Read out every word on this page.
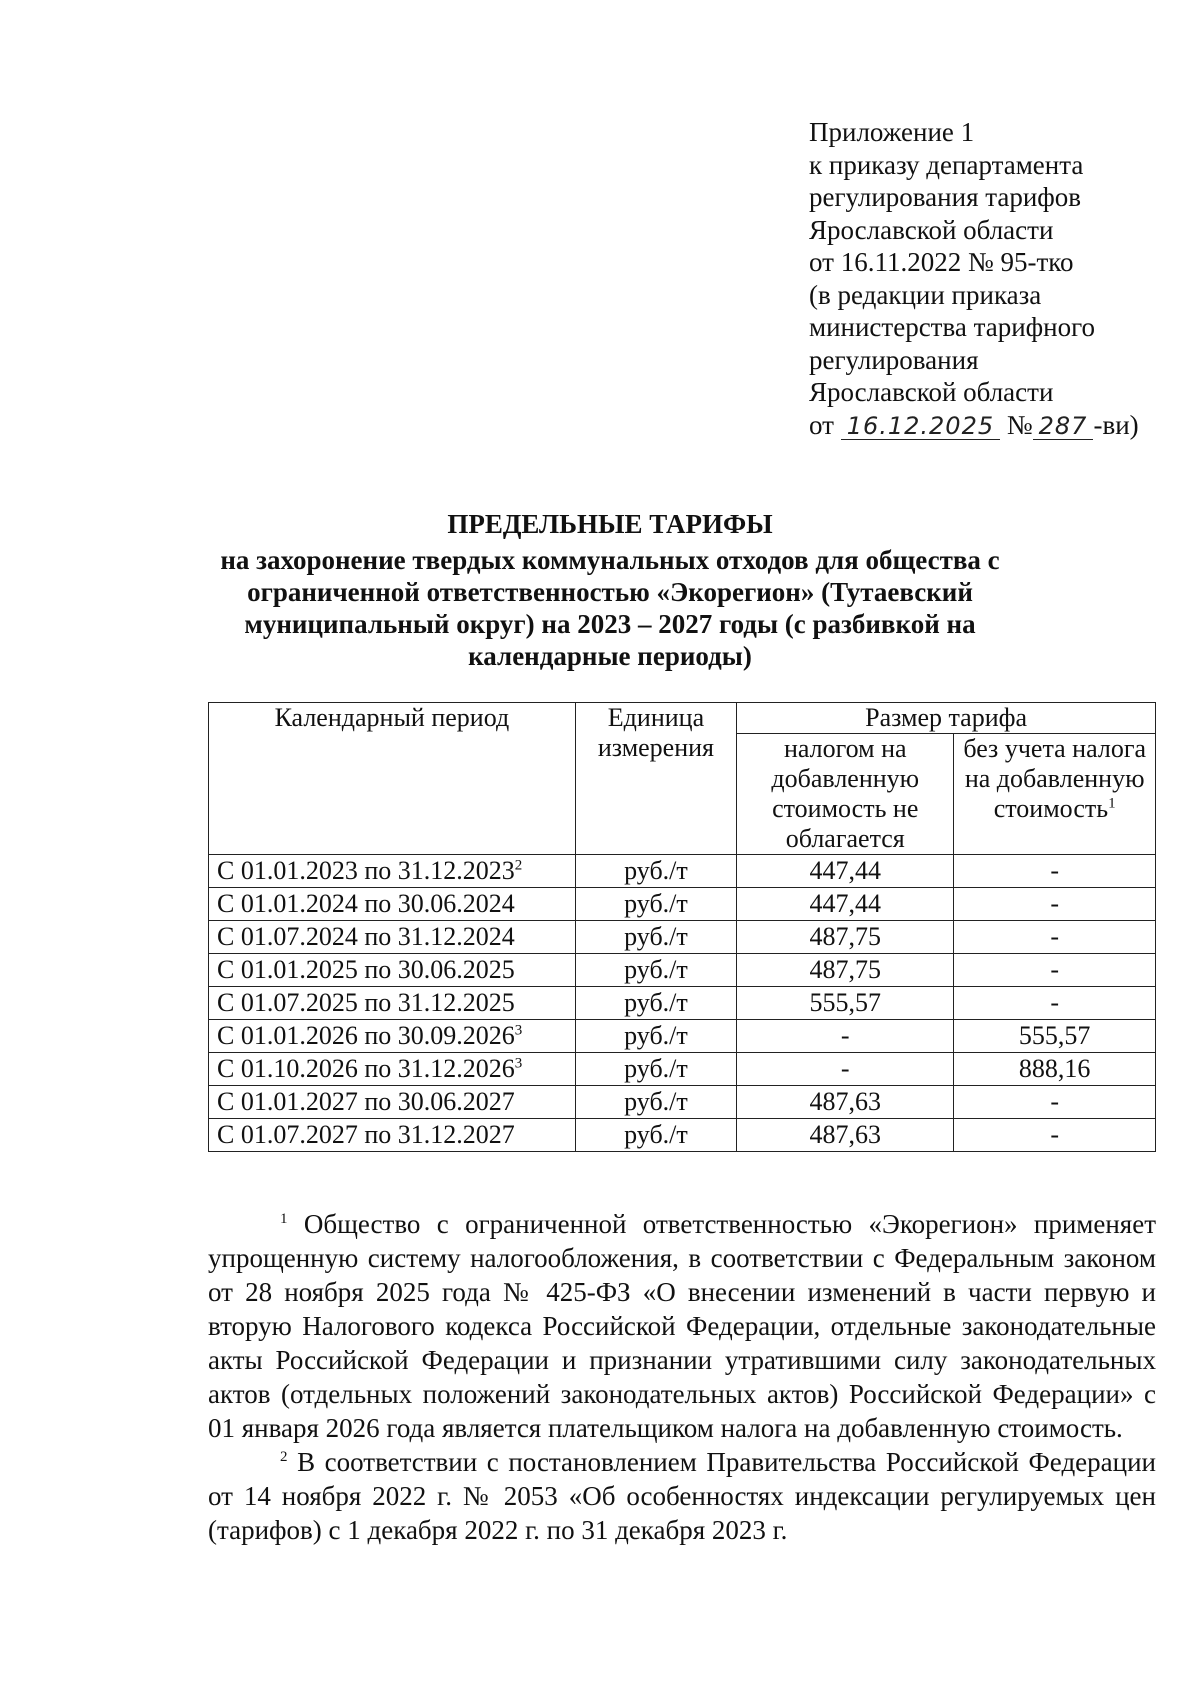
Приложение 1
к приказу департамента
регулирования тарифов
Ярославской области
от 16.11.2022 № 95-тко
(в редакции приказа
министерства тарифного
регулирования
Ярославской области
от 16.12.2025 № 287 -ви)
ПРЕДЕЛЬНЫЕ ТАРИФЫ
на захоронение твердых коммунальных отходов для общества с ограниченной ответственностью «Экорегион» (Тутаевский муниципальный округ) на 2023 – 2027 годы (с разбивкой на календарные периоды)
Календарный период	Единица измерения	Размер тарифа	
		налогом на добавленную стоимость не облагается	без учета налога на добавленную стоимость$^1$
С 01.01.2023 по 31.12.2023$^2$	руб./т	447,44	-
С 01.01.2024 по 30.06.2024	руб./т	447,44	-
С 01.07.2024 по 31.12.2024	руб./т	487,75	-
С 01.01.2025 по 30.06.2025	руб./т	487,75	-
С 01.07.2025 по 31.12.2025	руб./т	555,57	-
С 01.01.2026 по 30.09.2026$^3$	руб./т	-	555,57
С 01.10.2026 по 31.12.2026$^3$	руб./т	-	888,16
С 01.01.2027 по 30.06.2027	руб./т	487,63	-
С 01.07.2027 по 31.12.2027	руб./т	487,63	-

$^1$ Общество с ограниченной ответственностью «Экорегион» применяет упрощенную систему налогообложения, в соответствии с Федеральным законом от 28 ноября 2025 года № 425-ФЗ «О внесении изменений в части первую и вторую Налогового кодекса Российской Федерации, отдельные законодательные акты Российской Федерации и признании утратившими силу законодательных актов (отдельных положений законодательных актов) Российской Федерации» с 01 января 2026 года является плательщиком налога на добавленную стоимость.

$^2$ В соответствии с постановлением Правительства Российской Федерации от 14 ноября 2022 г. № 2053 «Об особенностях индексации регулируемых цен (тарифов) с 1 декабря 2022 г. по 31 декабря 2023 г.
